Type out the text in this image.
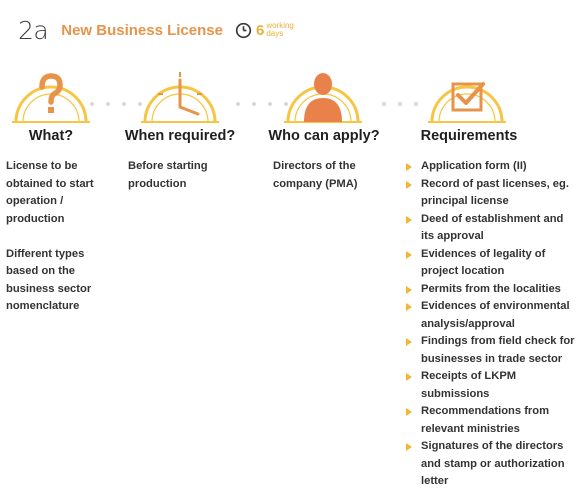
2a New Business License 6 working
days
What?	When required?	Who can apply?	Requirements

License to be

obtained to start

operation /

production

Different types

based on the

business sector

nomenclature

Before starting

production

Directors of the

company (PMA)

Application form (II)
Record of past licenses, eg.
principal license
Deed of establishment and
its approval
Evidences of legality of
project location
Permits from the localities
Evidences of environmental
analysis/approval
Findings from field check for
businesses in trade sector
Receipts of LKPM
submissions
Recommendations from
relevant ministries
Signatures of the directors
and stamp or authorization
letter
